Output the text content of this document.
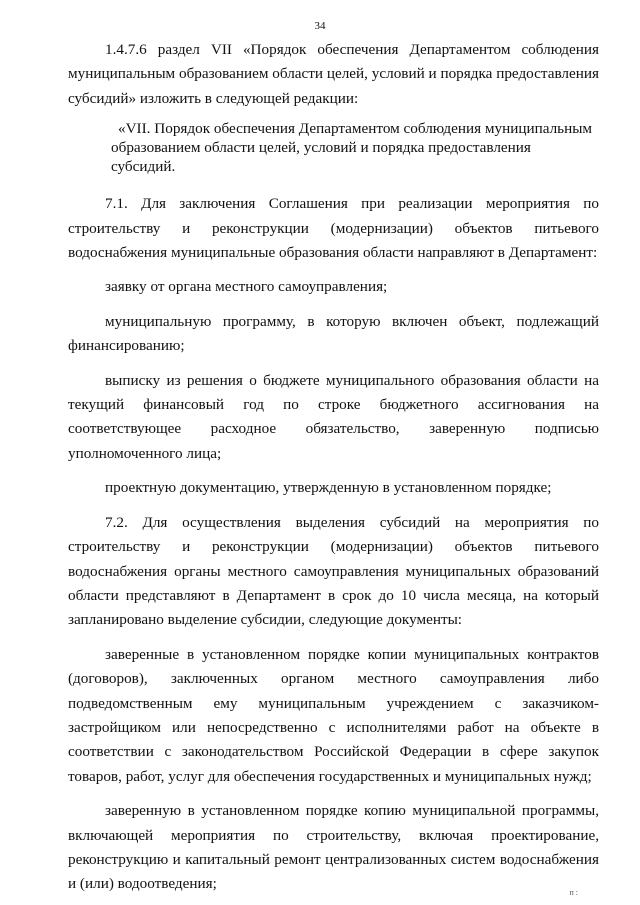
34

1.4.7.6 раздел VII «Порядок обеспечения Департаментом соблюдения муниципальным образованием области целей, условий и порядка предоставления субсидий» изложить в следующей редакции:

«VII. Порядок обеспечения Департаментом соблюдения муниципальным
образованием области целей, условий и порядка предоставления субсидий.

7.1. Для заключения Соглашения при реализации мероприятия по строительству и реконструкции (модернизации) объектов питьевого водоснабжения муниципальные образования области направляют в Департамент:

заявку от органа местного самоуправления;

муниципальную программу, в которую включен объект, подлежащий финансированию;

выписку из решения о бюджете муниципального образования области на текущий финансовый год по строке бюджетного ассигнования на соответствующее расходное обязательство, заверенную подписью уполномоченного лица;

проектную документацию, утвержденную в установленном порядке;

7.2. Для осуществления выделения субсидий на мероприятия по строительству и реконструкции (модернизации) объектов питьевого водоснабжения органы местного самоуправления муниципальных образований области представляют в Департамент в срок до 10 числа месяца, на который запланировано выделение субсидии, следующие документы:

заверенные в установленном порядке копии муниципальных контрактов (договоров), заключенных органом местного самоуправления либо подведомственным ему муниципальным учреждением с заказчиком-застройщиком или непосредственно с исполнителями работ на объекте в соответствии с законодательством Российской Федерации в сфере закупок товаров, работ, услуг для обеспечения государственных и муниципальных нужд;

заверенную в установленном порядке копию муниципальной программы, включающей мероприятия по строительству, включая проектирование, реконструкцию и капитальный ремонт централизованных систем водоснабжения и (или) водоотведения;

п:
